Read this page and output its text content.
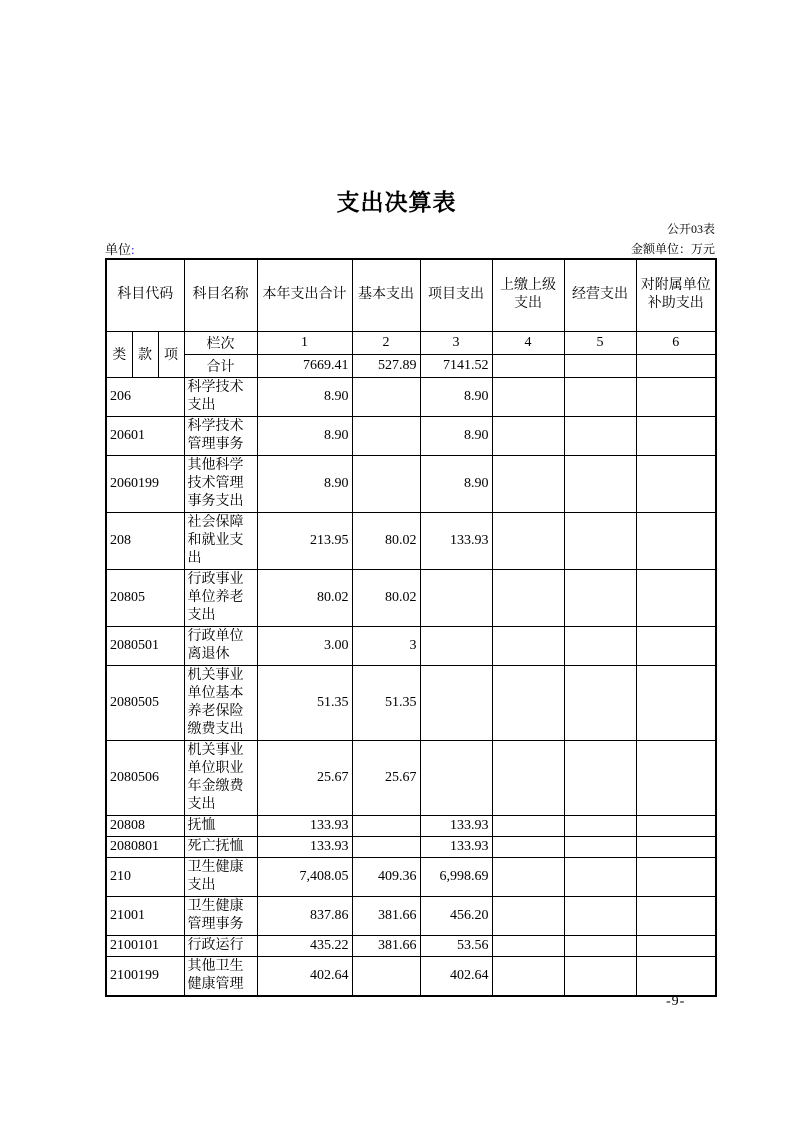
支出决算表
公开03表
单位:	金额单位：万元
科目代码			科目名称	本年支出合计	基本支出	项目支出	上缴上级支出	经营支出	对附属单位补助支出
类	款	项	栏次	1	2	3	4	5	6
			合计	7669.41	527.89	7141.52			
206			科学技术支出	8.90		8.90			
20601			科学技术管理事务	8.90		8.90			
2060199			其他科学技术管理事务支出	8.90		8.90			
208			社会保障和就业支出	213.95	80.02	133.93			
20805			行政事业单位养老支出	80.02	80.02				
2080501			行政单位离退休	3.00	3				
2080505			机关事业单位基本养老保险缴费支出	51.35	51.35				
2080506			机关事业单位职业年金缴费支出	25.67	25.67				
20808			抚恤	133.93		133.93			
2080801			死亡抚恤	133.93		133.93			
210			卫生健康支出	7,408.05	409.36	6,998.69			
21001			卫生健康管理事务	837.86	381.66	456.20			
2100101			行政运行	435.22	381.66	53.56			
2100199			其他卫生健康管理	402.64		402.64			
-9-
